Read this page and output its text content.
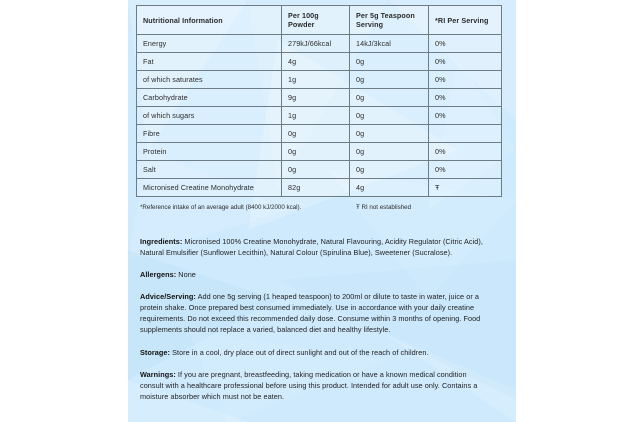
Nutritional Information	Per 100g Powder	Per 5g Teaspoon Serving	*RI Per Serving
Energy	279kJ/66kcal	14kJ/3kcal	0%
Fat	4g	0g	0%
of which saturates	1g	0g	0%
Carbohydrate	9g	0g	0%
of which sugars	1g	0g	0%
Fibre	0g	0g	
Protein	0g	0g	0%
Salt	0g	0g	0%
Micronised Creatine Monohydrate	82g	4g	Ŧ
*Reference intake of an average adult (8400 kJ/2000 kcal).	Ŧ RI not established
Ingredients: Micronised 100% Creatine Monohydrate, Natural Flavouring, Acidity Regulator (Citric Acid), Natural Emulsifier (Sunflower Lecithin), Natural Colour (Spirulina Blue), Sweetener (Sucralose).
Allergens: None
Advice/Serving: Add one 5g serving (1 heaped teaspoon) to 200ml or dilute to taste in water, juice or a protein shake. Once prepared best consumed immediately. Use in accordance with your daily creatine requirements. Do not exceed this recommended daily dose. Consume within 3 months of opening. Food supplements should not replace a varied, balanced diet and healthy lifestyle.
Storage: Store in a cool, dry place out of direct sunlight and out of the reach of children.
Warnings: If you are pregnant, breastfeeding, taking medication or have a known medical condition consult with a healthcare professional before using this product. Intended for adult use only. Contains a moisture absorber which must not be eaten.
